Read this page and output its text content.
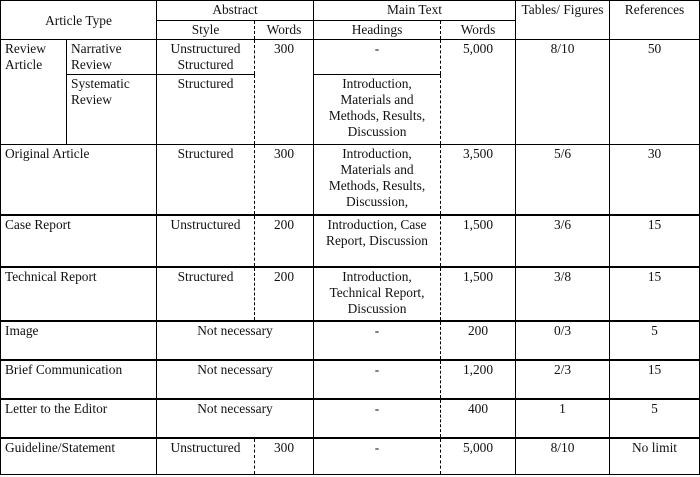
Article Type		Abstract		Main Text		Tables/ Figures	References
		Style	Words	Headings	Words		
Review Article	Narrative Review	Unstructured Structured	300	-	5,000	8/10	50
	Systematic Review	Structured		Introduction, Materials and Methods, Results, Discussion			
Original Article		Structured	300	Introduction, Materials and Methods, Results, Discussion,	3,500	5/6	30
Case Report		Unstructured	200	Introduction, Case Report, Discussion	1,500	3/6	15
Technical Report		Structured	200	Introduction, Technical Report, Discussion	1,500	3/8	15
Image		Not necessary		-	200	0/3	5
Brief Communication		Not necessary		-	1,200	2/3	15
Letter to the Editor		Not necessary		-	400	1	5
Guideline/Statement		Unstructured	300	-	5,000	8/10	No limit
